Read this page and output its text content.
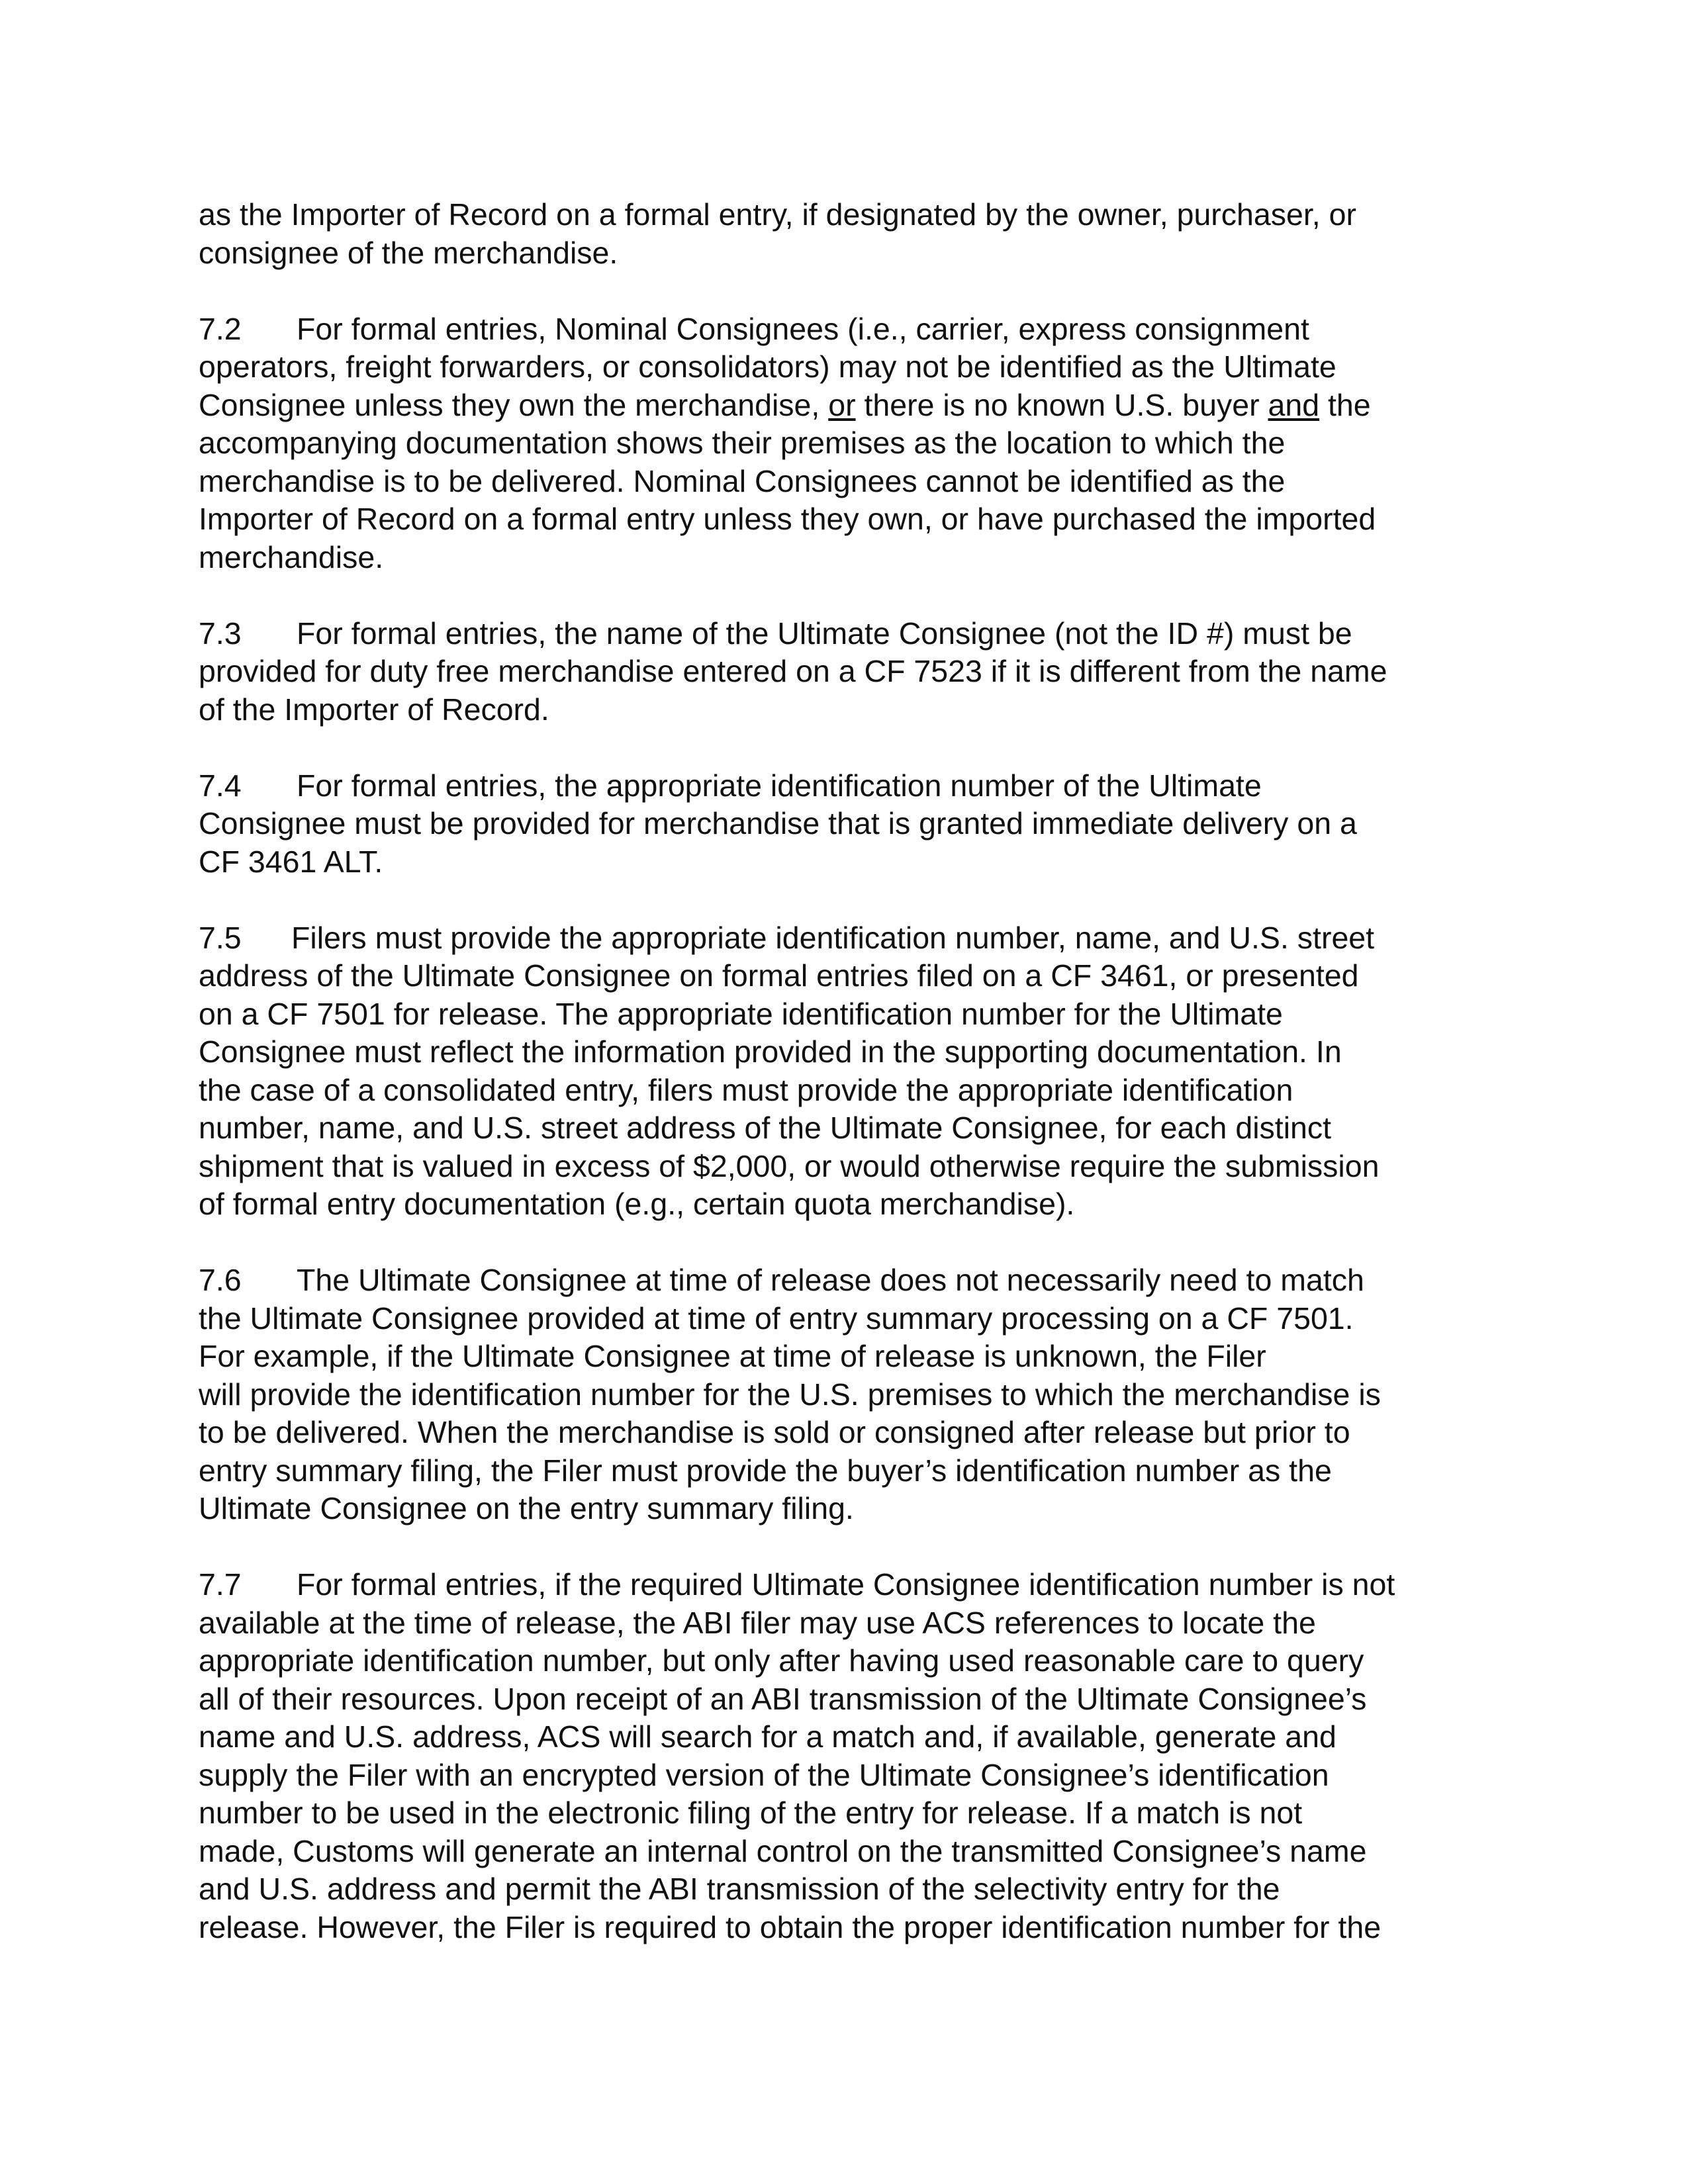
as the Importer of Record on a formal entry, if designated by the owner, purchaser, or
consignee of the merchandise.

7.2 For formal entries, Nominal Consignees (i.e., carrier, express consignment
operators, freight forwarders, or consolidators) may not be identified as the Ultimate
Consignee unless they own the merchandise, or there is no known U.S. buyer and the
accompanying documentation shows their premises as the location to which the
merchandise is to be delivered. Nominal Consignees cannot be identified as the
Importer of Record on a formal entry unless they own, or have purchased the imported
merchandise.

7.3 For formal entries, the name of the Ultimate Consignee (not the ID #) must be
provided for duty free merchandise entered on a CF 7523 if it is different from the name
of the Importer of Record.

7.4 For formal entries, the appropriate identification number of the Ultimate
Consignee must be provided for merchandise that is granted immediate delivery on a
CF 3461 ALT.

7.5 Filers must provide the appropriate identification number, name, and U.S. street
address of the Ultimate Consignee on formal entries filed on a CF 3461, or presented
on a CF 7501 for release. The appropriate identification number for the Ultimate
Consignee must reflect the information provided in the supporting documentation. In
the case of a consolidated entry, filers must provide the appropriate identification
number, name, and U.S. street address of the Ultimate Consignee, for each distinct
shipment that is valued in excess of $2,000, or would otherwise require the submission
of formal entry documentation (e.g., certain quota merchandise).

7.6 The Ultimate Consignee at time of release does not necessarily need to match
the Ultimate Consignee provided at time of entry summary processing on a CF 7501.
For example, if the Ultimate Consignee at time of release is unknown, the Filer
will provide the identification number for the U.S. premises to which the merchandise is
to be delivered. When the merchandise is sold or consigned after release but prior to
entry summary filing, the Filer must provide the buyer’s identification number as the
Ultimate Consignee on the entry summary filing.

7.7 For formal entries, if the required Ultimate Consignee identification number is not
available at the time of release, the ABI filer may use ACS references to locate the
appropriate identification number, but only after having used reasonable care to query
all of their resources. Upon receipt of an ABI transmission of the Ultimate Consignee’s
name and U.S. address, ACS will search for a match and, if available, generate and
supply the Filer with an encrypted version of the Ultimate Consignee’s identification
number to be used in the electronic filing of the entry for release. If a match is not
made, Customs will generate an internal control on the transmitted Consignee’s name
and U.S. address and permit the ABI transmission of the selectivity entry for the
release. However, the Filer is required to obtain the proper identification number for the
